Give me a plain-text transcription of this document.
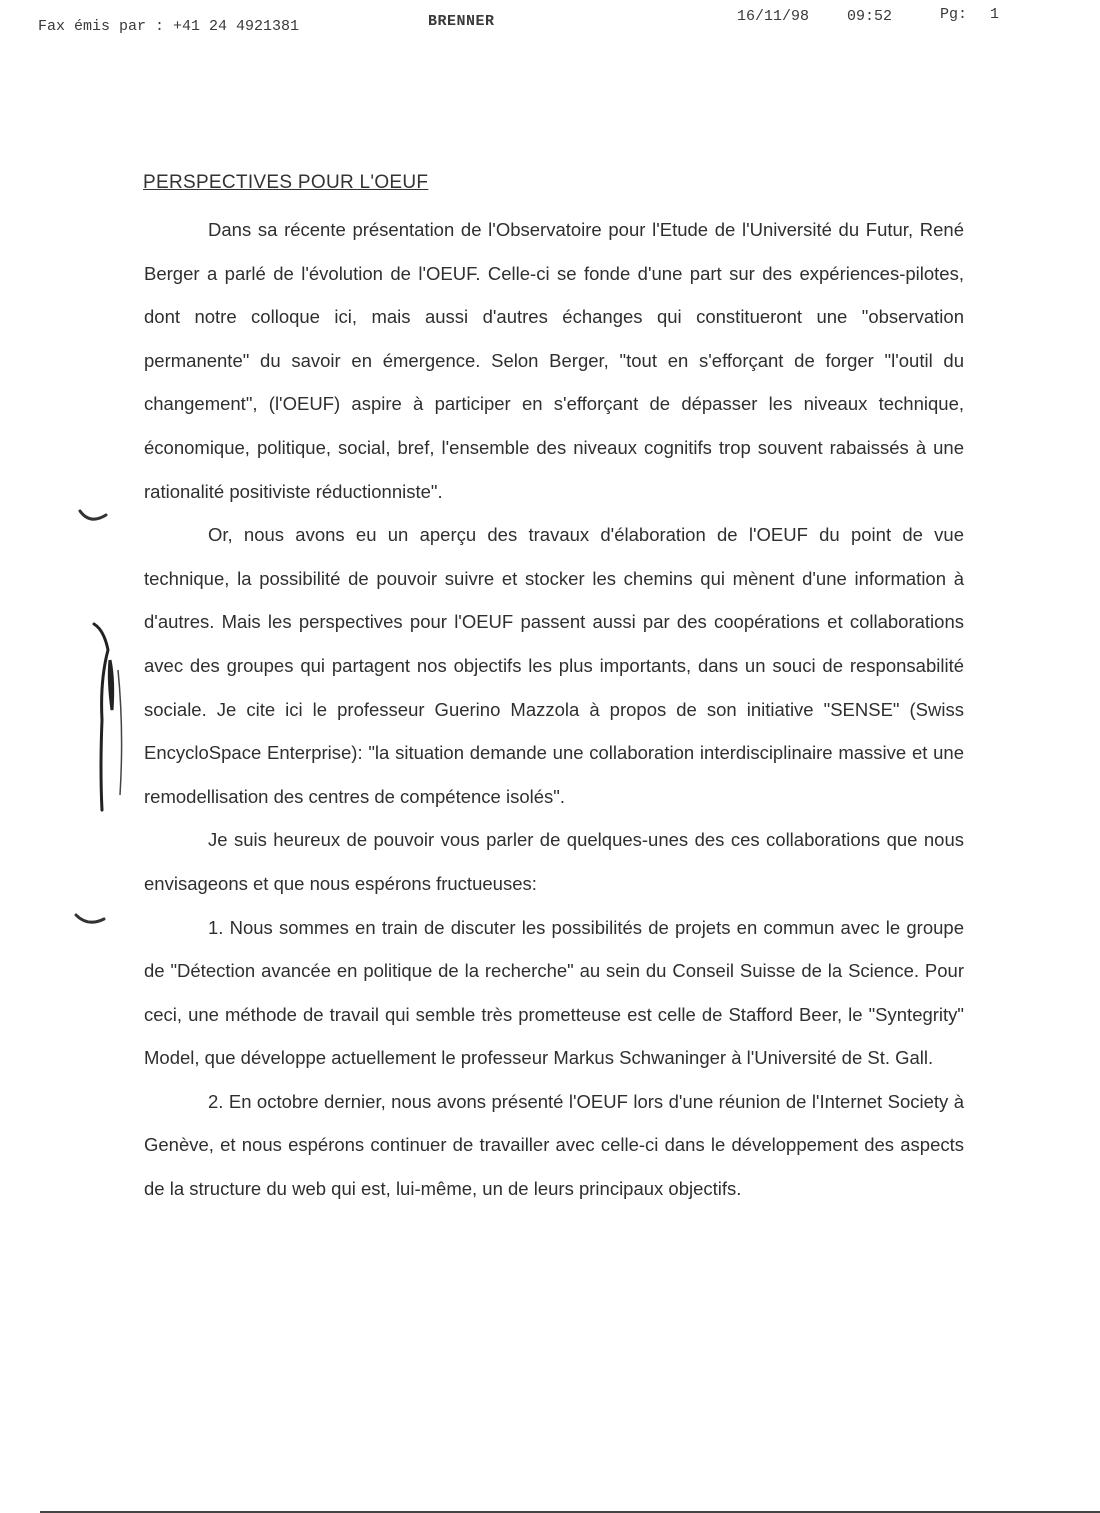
Fax émis par : +41 24 4921381	BRENNER	16/11/98	09:52	Pg: 1
PERSPECTIVES POUR L'OEUF

Dans sa récente présentation de l'Observatoire pour l'Etude de l'Université du Futur, René Berger a parlé de l'évolution de l'OEUF. Celle-ci se fonde d'une part sur des expériences-pilotes, dont notre colloque ici, mais aussi d'autres échanges qui constitueront une "observation permanente" du savoir en émergence. Selon Berger, "tout en s'efforçant de forger "l'outil du changement", (l'OEUF) aspire à participer en s'efforçant de dépasser les niveaux technique, économique, politique, social, bref, l'ensemble des niveaux cognitifs trop souvent rabaissés à une rationalité positiviste réductionniste".

Or, nous avons eu un aperçu des travaux d'élaboration de l'OEUF du point de vue technique, la possibilité de pouvoir suivre et stocker les chemins qui mènent d'une information à d'autres. Mais les perspectives pour l'OEUF passent aussi par des coopérations et collaborations avec des groupes qui partagent nos objectifs les plus importants, dans un souci de responsabilité sociale. Je cite ici le professeur Guerino Mazzola à propos de son initiative "SENSE" (Swiss EncycloSpace Enterprise): "la situation demande une collaboration interdisciplinaire massive et une remodellisation des centres de compétence isolés".

Je suis heureux de pouvoir vous parler de quelques-unes des ces collaborations que nous envisageons et que nous espérons fructueuses:

1. Nous sommes en train de discuter les possibilités de projets en commun avec le groupe de "Détection avancée en politique de la recherche" au sein du Conseil Suisse de la Science. Pour ceci, une méthode de travail qui semble très prometteuse est celle de Stafford Beer, le "Syntegrity" Model, que développe actuellement le professeur Markus Schwaninger à l'Université de St. Gall.

2. En octobre dernier, nous avons présenté l'OEUF lors d'une réunion de l'Internet Society à Genève, et nous espérons continuer de travailler avec celle-ci dans le développement des aspects de la structure du web qui est, lui-même, un de leurs principaux objectifs.
